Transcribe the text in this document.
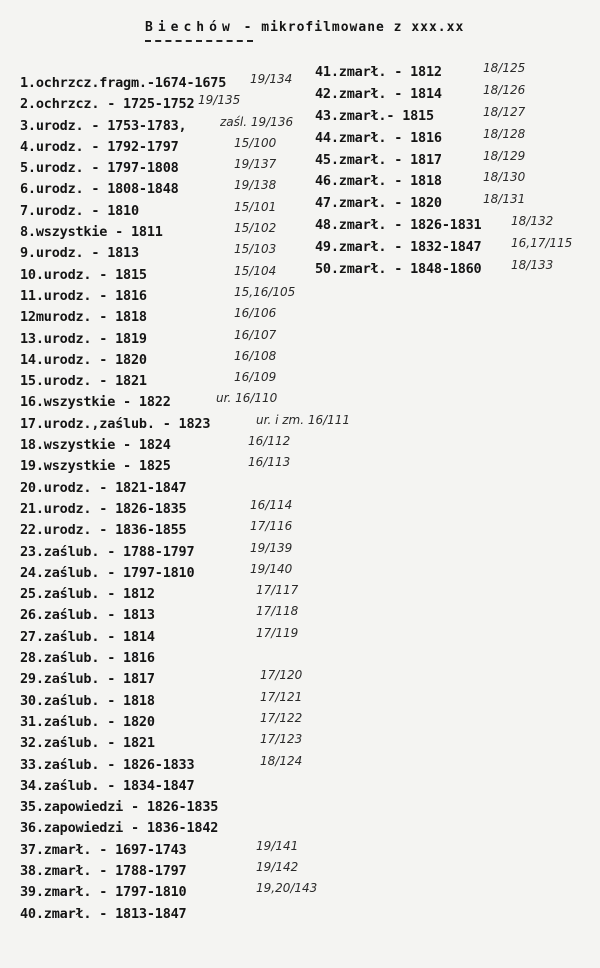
Biechów - mikrofilmowane z xxx.xx
1.ochrzcz.fragm.-1674-1675 19/134
2.ochrzcz. - 1725-1752 19/135
3.urodz. - 1753-1783,	zaśl. 19/136
4.urodz. - 1792-1797	15/100
5.urodz. - 1797-1808	19/137
6.urodz. - 1808-1848	19/138
7.urodz. - 1810	15/101
8.wszystkie - 1811	15/102
9.urodz. - 1813	15/103
10.urodz. - 1815	15/104
11.urodz. - 1816	15,16/105
12murodz. - 1818	16/106
13.urodz. - 1819	16/107
14.urodz. - 1820	16/108
15.urodz. - 1821	16/109
16.wszystkie - 1822	ur. 16/110
17.urodz.,zaślub. - 1823	ur. i zm. 16/111
18.wszystkie - 1824	16/112
19.wszystkie - 1825	16/113
20.urodz. - 1821-1847
21.urodz. - 1826-1835	16/114
22.urodz. - 1836-1855	17/116
23.zaślub. - 1788-1797	19/139
24.zaślub. - 1797-1810	19/140
25.zaślub. - 1812	17/117
26.zaślub. - 1813	17/118
27.zaślub. - 1814	17/119
28.zaślub. - 1816
29.zaślub. - 1817	17/120
30.zaślub. - 1818	17/121
31.zaślub. - 1820	17/122
32.zaślub. - 1821	17/123
33.zaślub. - 1826-1833	18/124
34.zaślub. - 1834-1847
35.zapowiedzi - 1826-1835
36.zapowiedzi - 1836-1842
37.zmarł. - 1697-1743	19/141
38.zmarł. - 1788-1797	19/142
39.zmarł. - 1797-1810	19,20/143
40.zmarł. - 1813-1847
41.zmarł. - 1812	18/125
42.zmarł. - 1814	18/126
43.zmarł.- 1815	18/127
44.zmarł. - 1816	18/128
45.zmarł. - 1817	18/129
46.zmarł. - 1818	18/130
47.zmarł. - 1820	18/131
48.zmarł. - 1826-1831 18/132
49.zmarł. - 1832-1847 16,17/115
50.zmarł. - 1848-1860 18/133
